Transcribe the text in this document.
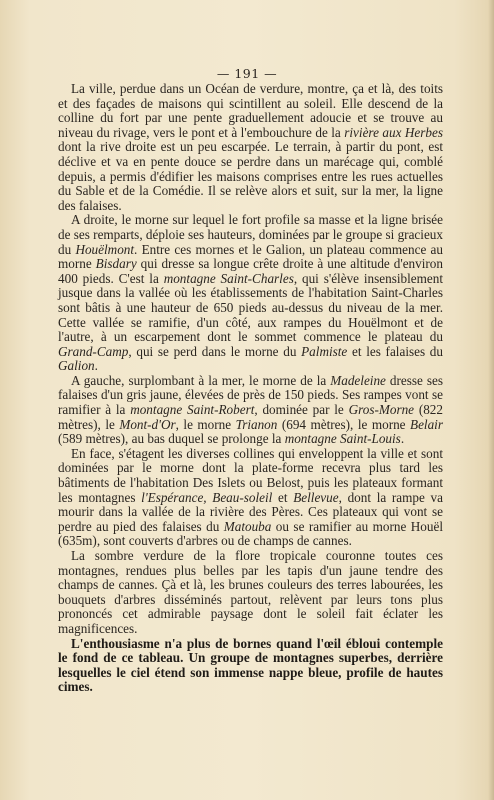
— 191 —

La ville, perdue dans un Océan de verdure, montre, ça et là, des toits et des façades de maisons qui scintillent au soleil. Elle descend de la colline du fort par une pente graduellement adoucie et se trouve au niveau du rivage, vers le pont et à l'embouchure de la rivière aux Herbes dont la rive droite est un peu escarpée. Le terrain, à partir du pont, est déclive et va en pente douce se perdre dans un marécage qui, comblé depuis, a permis d'édifier les maisons comprises entre les rues actuelles du Sable et de la Comédie. Il se relève alors et suit, sur la mer, la ligne des falaises.

A droite, le morne sur lequel le fort profile sa masse et la ligne brisée de ses remparts, déploie ses hauteurs, dominées par le groupe si gracieux du Houëlmont. Entre ces mornes et le Galion, un plateau commence au morne Bisdary qui dresse sa longue crête droite à une altitude d'environ 400 pieds. C'est la montagne Saint-Charles, qui s'élève insensiblement jusque dans la vallée où les établissements de l'habitation Saint-Charles sont bâtis à une hauteur de 650 pieds au-dessus du niveau de la mer. Cette vallée se ramifie, d'un côté, aux rampes du Houëlmont et de l'autre, à un escarpement dont le sommet commence le plateau du Grand-Camp, qui se perd dans le morne du Palmiste et les falaises du Galion.

A gauche, surplombant à la mer, le morne de la Madeleine dresse ses falaises d'un gris jaune, élevées de près de 150 pieds. Ses rampes vont se ramifier à la montagne Saint-Robert, dominée par le Gros-Morne (822 mètres), le Mont-d'Or, le morne Trianon (694 mètres), le morne Belair (589 mètres), au bas duquel se prolonge la montagne Saint-Louis.

En face, s'étagent les diverses collines qui enveloppent la ville et sont dominées par le morne dont la plate-forme recevra plus tard les bâtiments de l'habitation Des Islets ou Belost, puis les plateaux formant les montagnes l'Espérance, Beau-soleil et Bellevue, dont la rampe va mourir dans la vallée de la rivière des Pères. Ces plateaux qui vont se perdre au pied des falaises du Matouba ou se ramifier au morne Houël (635m), sont couverts d'arbres ou de champs de cannes.

La sombre verdure de la flore tropicale couronne toutes ces montagnes, rendues plus belles par les tapis d'un jaune tendre des champs de cannes. Çà et là, les brunes couleurs des terres labourées, les bouquets d'arbres disséminés partout, relèvent par leurs tons plus prononcés cet admirable paysage dont le soleil fait éclater les magnificences.

L'enthousiasme n'a plus de bornes quand l'œil ébloui contemple le fond de ce tableau. Un groupe de montagnes superbes, derrière lesquelles le ciel étend son immense nappe bleue, profile de hautes cimes.
